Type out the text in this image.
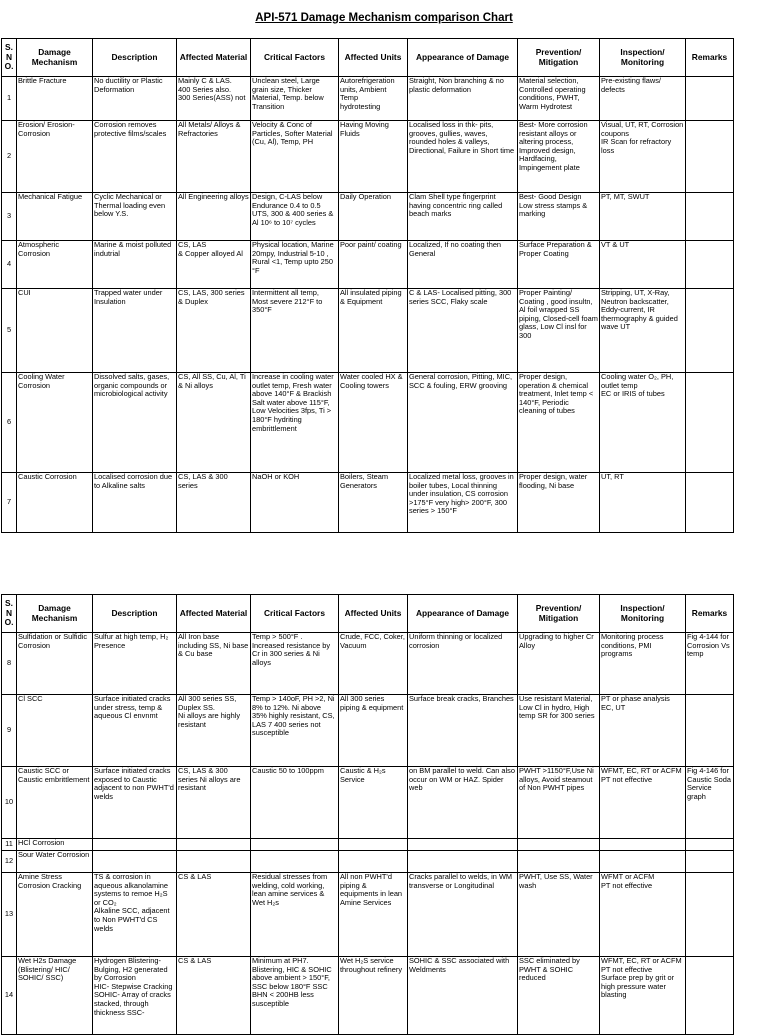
API-571 Damage Mechanism comparison Chart
S.N O.	Damage Mechanism	Description	Affected Material	Critical Factors	Affected Units	Appearance of Damage	Prevention/ Mitigation	Inspection/ Monitoring	Remarks
1	Brittle Fracture	No ductility or Plastic Deformation	Mainly C & LAS.
400 Series also.
300 Series(ASS) not	Unclean steel, Large grain size, Thicker Material, Temp. below Transition	Autorefrigeration units, Ambient Temp
hydrotesting	Straight, Non branching & no plastic deformation	Material selection, Controlled operating conditions, PWHT, Warm Hydrotest	Pre-existing flaws/ defects	
2	Erosion/ Erosion-Corrosion	Corrosion removes protective films/scales	All Metals/ Alloys & Refractories	Velocity & Conc of Particles, Softer Material (Cu, Al), Temp, PH	Having Moving Fluids	Localised loss in thk- pits, grooves, gullies, waves, rounded holes & valleys, Directional, Failure in Short time	Best- More corrosion resistant alloys or altering process, Improved design, Hardfacing, Impingement plate	Visual, UT, RT, Corrosion coupons
IR Scan for refractory loss	
3	Mechanical Fatigue	Cyclic Mechanical or Thermal loading even below Y.S.	All Engineering alloys	Design, C-LAS below Endurance 0.4 to 0.5 UTS, 300 & 400 series & Al 10⁶ to 10⁷ cycles	Daily Operation	Clam Shell type fingerprint having concentric ring called beach marks	Best- Good Design
Low stress stamps & marking	PT, MT, SWUT	
4	Atmospheric Corrosion	Marine & moist polluted indutrial	CS, LAS
& Copper alloyed Al	Physical location, Marine 20mpy, Industrial 5-10 , Rural <1, Temp upto 250 °F	Poor paint/ coating	Localized, If no coating then General	Surface Preparation & Proper Coating	VT & UT	
5	CUI	Trapped water under Insulation	CS, LAS, 300 series & Duplex	Intermittent all temp, Most severe 212°F to 350°F	All insulated piping & Equipment	C & LAS- Localised pitting, 300 series SCC, Flaky scale	Proper Painting/ Coating , good insultn, Al foil wrapped SS piping, Closed-cell foam glass, Low Cl insl for 300	Stripping, UT, X-Ray, Neutron backscatter, Eddy-current, IR thermography & guided wave UT	
6	Cooling Water Corrosion	Dissolved salts, gases, organic compounds or microbiological activity	CS, All SS, Cu, Al, Ti & Ni alloys	Increase in cooling water outlet temp, Fresh water above 140°F & Brackish Salt water above 115°F, Low Velocities 3fps, Ti > 180°F hydriting embrittlement	Water cooled HX & Cooling towers	General corrosion, Pitting, MIC, SCC & fouling, ERW grooving	Proper design, operation & chemical treatment, Inlet temp < 140°F, Periodic cleaning of tubes	Cooling water O₂, PH, outlet temp
EC or IRIS of tubes	
7	Caustic Corrosion	Localised corrosion due to Alkaline salts	CS, LAS & 300 series	NaOH or KOH	Boilers, Steam Generators	Localized metal loss, grooves in boiler tubes, Local thinning under insulation, CS corrosion >175°F very high> 200°F, 300 series > 150°F	Proper design, water flooding, Ni base	UT, RT	
S.N O.	Damage Mechanism	Description	Affected Material	Critical Factors	Affected Units	Appearance of Damage	Prevention/ Mitigation	Inspection/ Monitoring	Remarks
8	Sulfidation or Sulfidic Corrosion	Sulfur at high temp, H₂ Presence	All Iron base including SS, Ni base & Cu base	Temp > 500°F .
Increased resistance by Cr in 300 series & Ni alloys	Crude, FCC, Coker, Vacuum	Uniform thinning or localized corrosion	Upgrading to higher Cr Alloy	Monitoring process conditions, PMI programs	Fig 4-144 for Corrosion Vs temp
9	Cl SCC	Surface initiated cracks under stress, temp & aqueous Cl envnmt	All 300 series SS, Duplex SS.
Ni alloys are highly resistant	Temp > 140oF, PH >2, Ni 8% to 12%. Ni above 35% highly resistant, CS, LAS 7 400 series not susceptible	All 300 series piping & equipment	Surface break cracks, Branches	Use resistant Material, Low Cl in hydro, High temp SR for 300 series	PT or phase analysis EC, UT	
10	Caustic SCC or Caustic embrittlement	Surface initiated cracks exposed to Caustic adjacent to non PWHT'd welds	CS, LAS & 300 series Ni alloys are resistant	Caustic 50 to 100ppm	Caustic & H₂s Service	on BM parallel to weld. Can also occur on WM or HAZ. Spider web	PWHT >1150°F,Use Ni alloys, Avoid steamout of Non PWHT pipes	WFMT, EC, RT or ACFM PT not effective	Fig 4-146 for Caustic Soda Service graph
11	HCl Corrosion								
12	Sour Water Corrosion								
13	Amine Stress Corrosion Cracking	TS & corrosion in aqueous alkanolamine systems to remoe H₂S or CO₂
Alkaline SCC, adjacent to Non PWHT'd CS welds	CS & LAS	Residual stresses from welding, cold working, lean amine services & Wet H₂s	All non PWHT'd piping & equipments in lean Amine Services	Cracks parallel to welds, in WM transverse or Longitudinal	PWHT, Use SS, Water wash	WFMT or ACFM
PT not effective	
14	Wet H2s Damage (Blistering/ HIC/ SOHIC/ SSC)	Hydrogen Blistering- Bulging, H2 generated by Corrosion
HIC- Stepwise Cracking
SOHIC- Array of cracks stacked, through thickness SSC-	CS & LAS	Minimum at PH7. Blistering, HIC & SOHIC above ambient > 150°F, SSC below 180°F SSC BHN < 200HB less susceptible	Wet H₂S service throughout refinery	SOHIC & SSC associated with Weldments	SSC eliminated by PWHT & SOHIC reduced	WFMT, EC, RT or ACFM PT not effective
Surface prep by grit or high pressure water blasting	
